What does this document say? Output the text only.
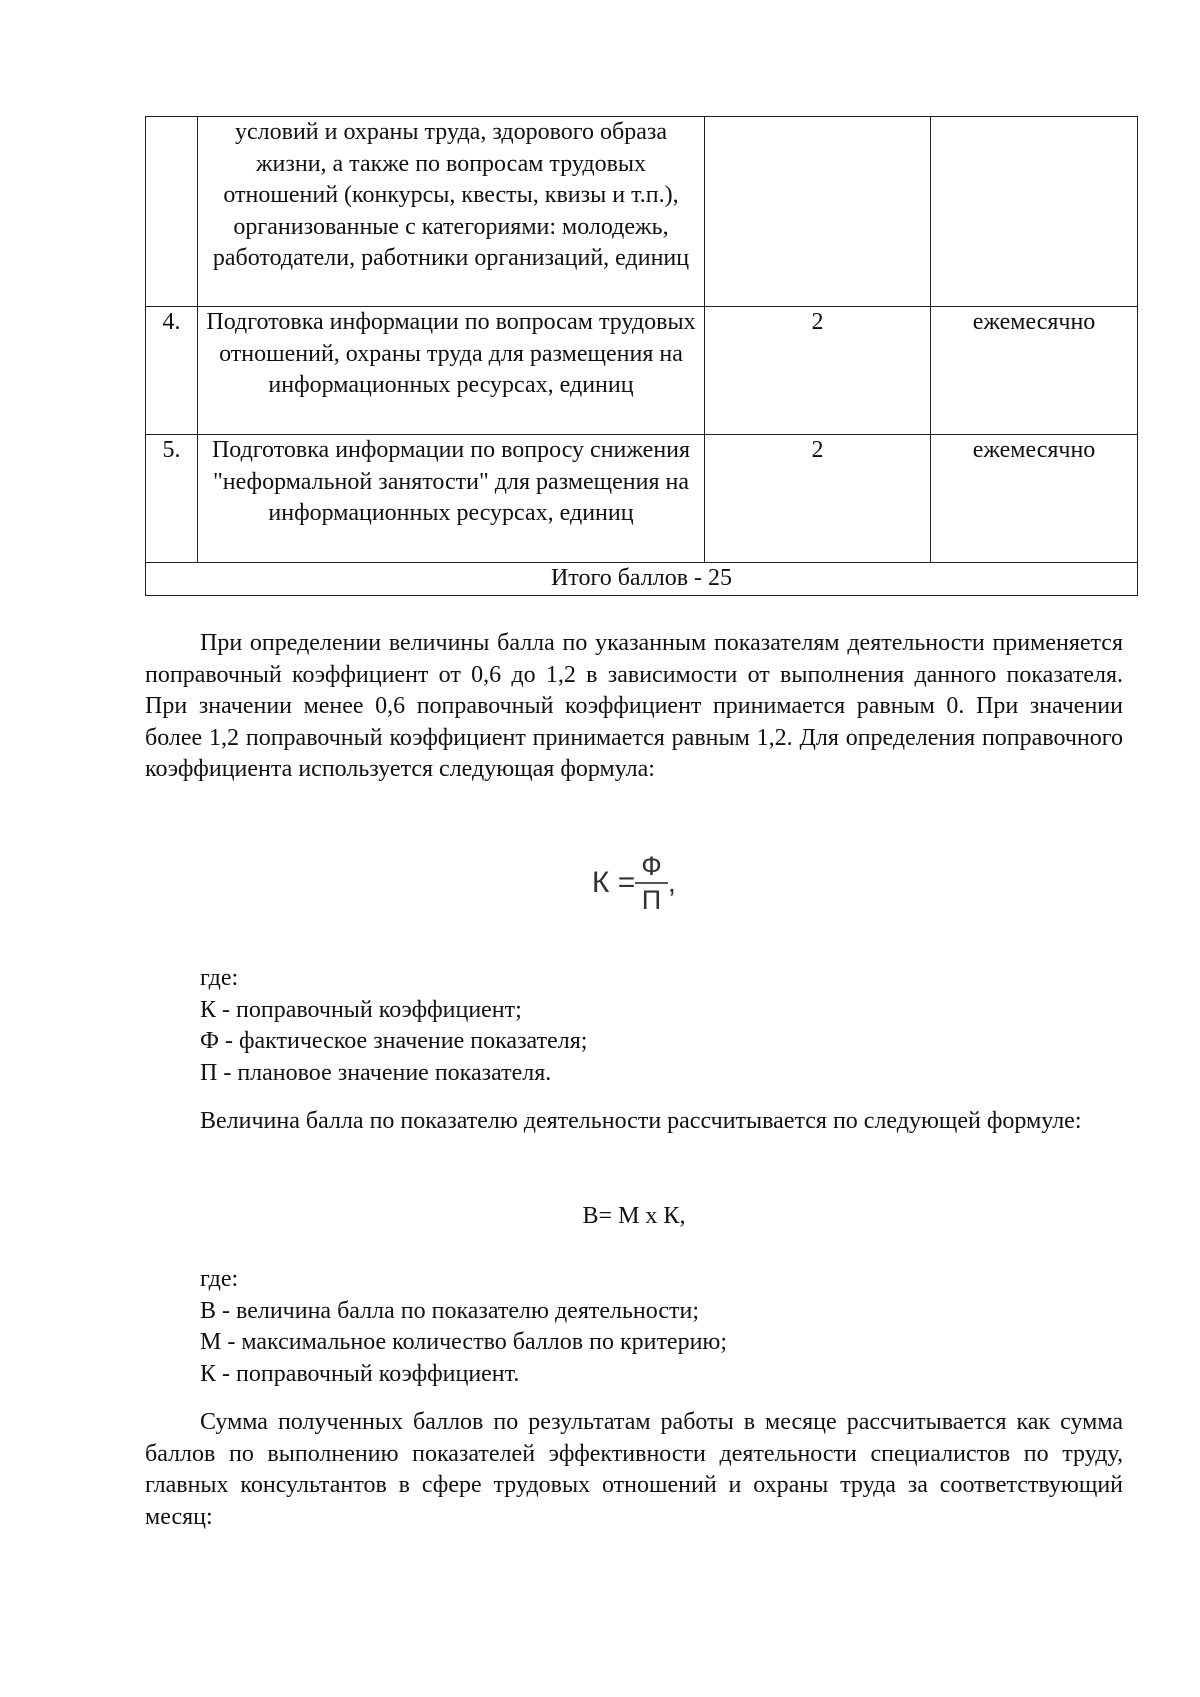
	условий и охраны труда, здорового образа жизни, а также по вопросам трудовых отношений (конкурсы, квесты, квизы и т.п.), организованные с категориями: молодежь, работодатели, работники организаций, единиц		
4.	Подготовка информации по вопросам трудовых отношений, охраны труда для размещения на информационных ресурсах, единиц	2	ежемесячно
5.	Подготовка информации по вопросу снижения "неформальной занятости" для размещения на информационных ресурсах, единиц	2	ежемесячно
Итого баллов - 25			
При определении величины балла по указанным показателям деятельности применяется поправочный коэффициент от 0,6 до 1,2 в зависимости от выполнения данного показателя. При значении менее 0,6 поправочный коэффициент принимается равным 0. При значении более 1,2 поправочный коэффициент принимается равным 1,2. Для определения поправочного коэффициента используется следующая формула:
$К = \frac{Ф}{П}$ ,
где:
К - поправочный коэффициент;
Ф - фактическое значение показателя;
П - плановое значение показателя.
Величина балла по показателю деятельности рассчитывается по следующей формуле:
В= М х К,
где:
В - величина балла по показателю деятельности;
М - максимальное количество баллов по критерию;
К - поправочный коэффициент.
Сумма полученных баллов по результатам работы в месяце рассчитывается как сумма баллов по выполнению показателей эффективности деятельности специалистов по труду, главных консультантов в сфере трудовых отношений и охраны труда за соответствующий месяц:
